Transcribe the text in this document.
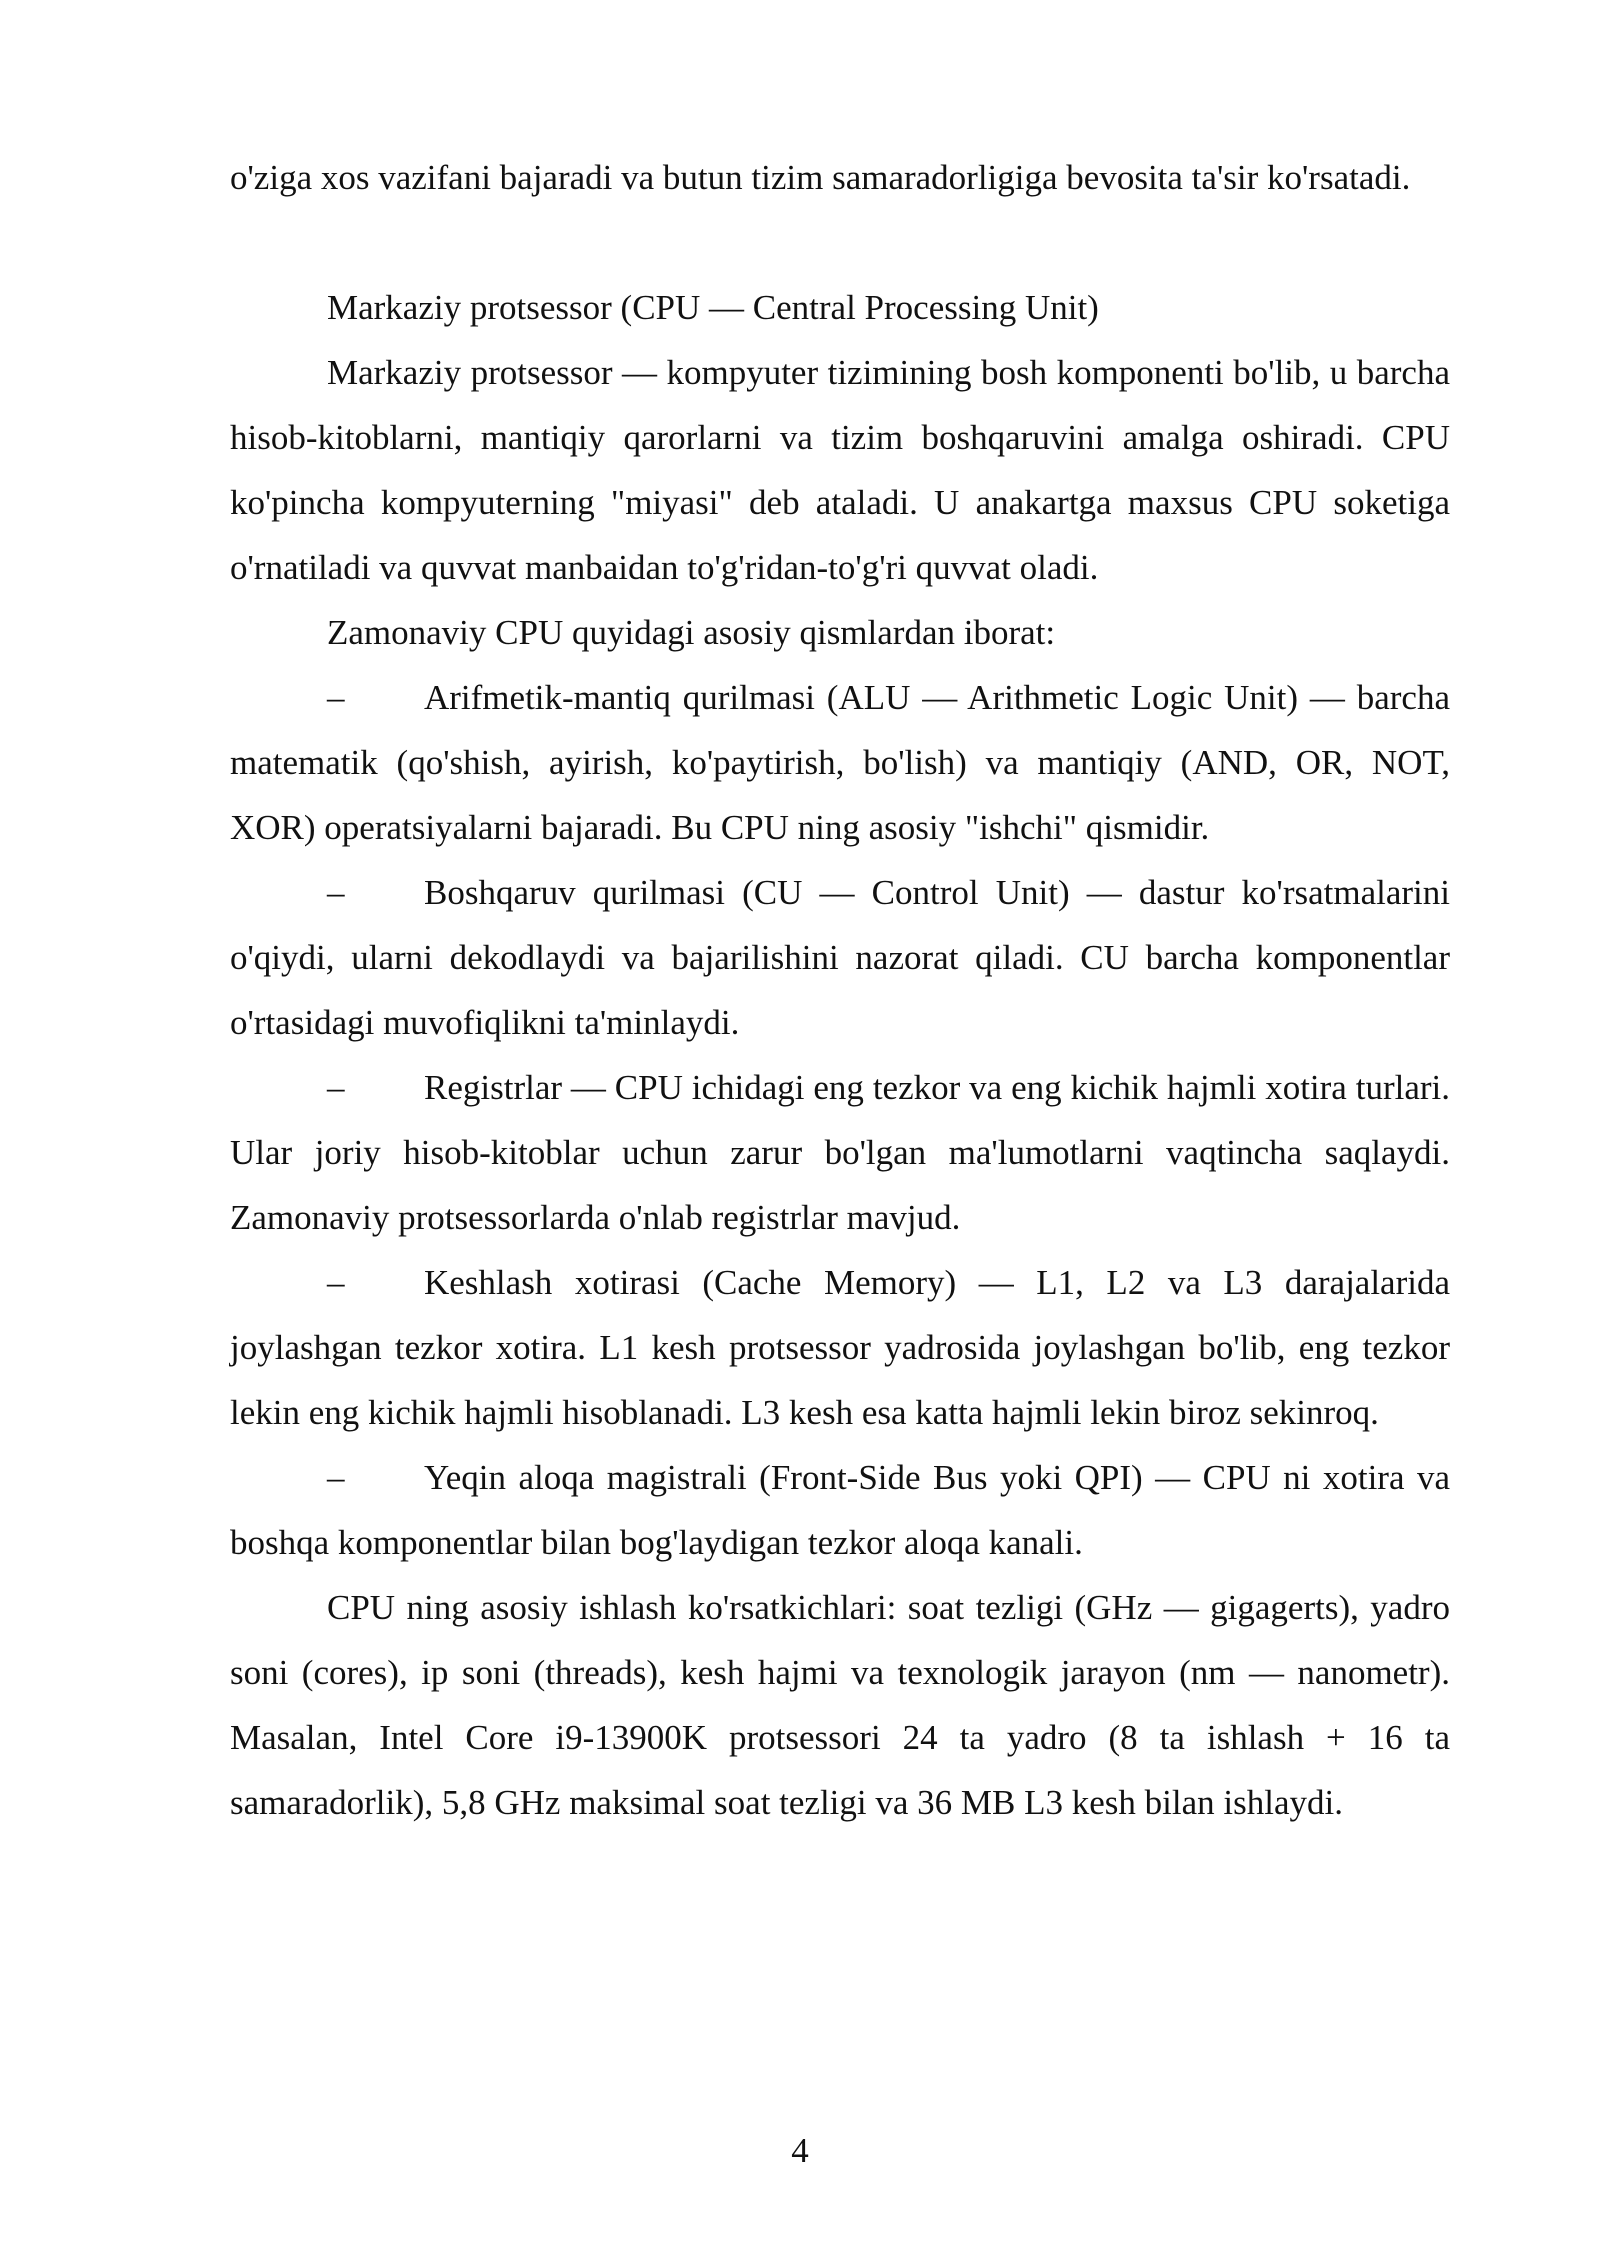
o'ziga xos vazifani bajaradi va butun tizim samaradorligiga bevosita ta'sir ko'rsatadi.

Markaziy protsessor (CPU — Central Processing Unit)

Markaziy protsessor — kompyuter tizimining bosh komponenti bo'lib, u barcha hisob-kitoblarni, mantiqiy qarorlarni va tizim boshqaruvini amalga oshiradi. CPU ko'pincha kompyuterning "miyasi" deb ataladi. U anakartga maxsus CPU soketiga o'rnatiladi va quvvat manbaidan to'g'ridan-to'g'ri quvvat oladi.

Zamonaviy CPU quyidagi asosiy qismlardan iborat:

– Arifmetik-mantiq qurilmasi (ALU — Arithmetic Logic Unit) — barcha matematik (qo'shish, ayirish, ko'paytirish, bo'lish) va mantiqiy (AND, OR, NOT, XOR) operatsiyalarni bajaradi. Bu CPU ning asosiy "ishchi" qismidir.

– Boshqaruv qurilmasi (CU — Control Unit) — dastur ko'rsatmalarini o'qiydi, ularni dekodlaydi va bajarilishini nazorat qiladi. CU barcha komponentlar o'rtasidagi muvofiqlikni ta'minlaydi.

– Registrlar — CPU ichidagi eng tezkor va eng kichik hajmli xotira turlari. Ular joriy hisob-kitoblar uchun zarur bo'lgan ma'lumotlarni vaqtincha saqlaydi. Zamonaviy protsessorlarda o'nlab registrlar mavjud.

– Keshlash xotirasi (Cache Memory) — L1, L2 va L3 darajalarida joylashgan tezkor xotira. L1 kesh protsessor yadrosida joylashgan bo'lib, eng tezkor lekin eng kichik hajmli hisoblanadi. L3 kesh esa katta hajmli lekin biroz sekinroq.

– Yeqin aloqa magistrali (Front-Side Bus yoki QPI) — CPU ni xotira va boshqa komponentlar bilan bog'laydigan tezkor aloqa kanali.

CPU ning asosiy ishlash ko'rsatkichlari: soat tezligi (GHz — gigagerts), yadro soni (cores), ip soni (threads), kesh hajmi va texnologik jarayon (nm — nanometr). Masalan, Intel Core i9-13900K protsessori 24 ta yadro (8 ta ishlash + 16 ta samaradorlik), 5,8 GHz maksimal soat tezligi va 36 MB L3 kesh bilan ishlaydi.

4
